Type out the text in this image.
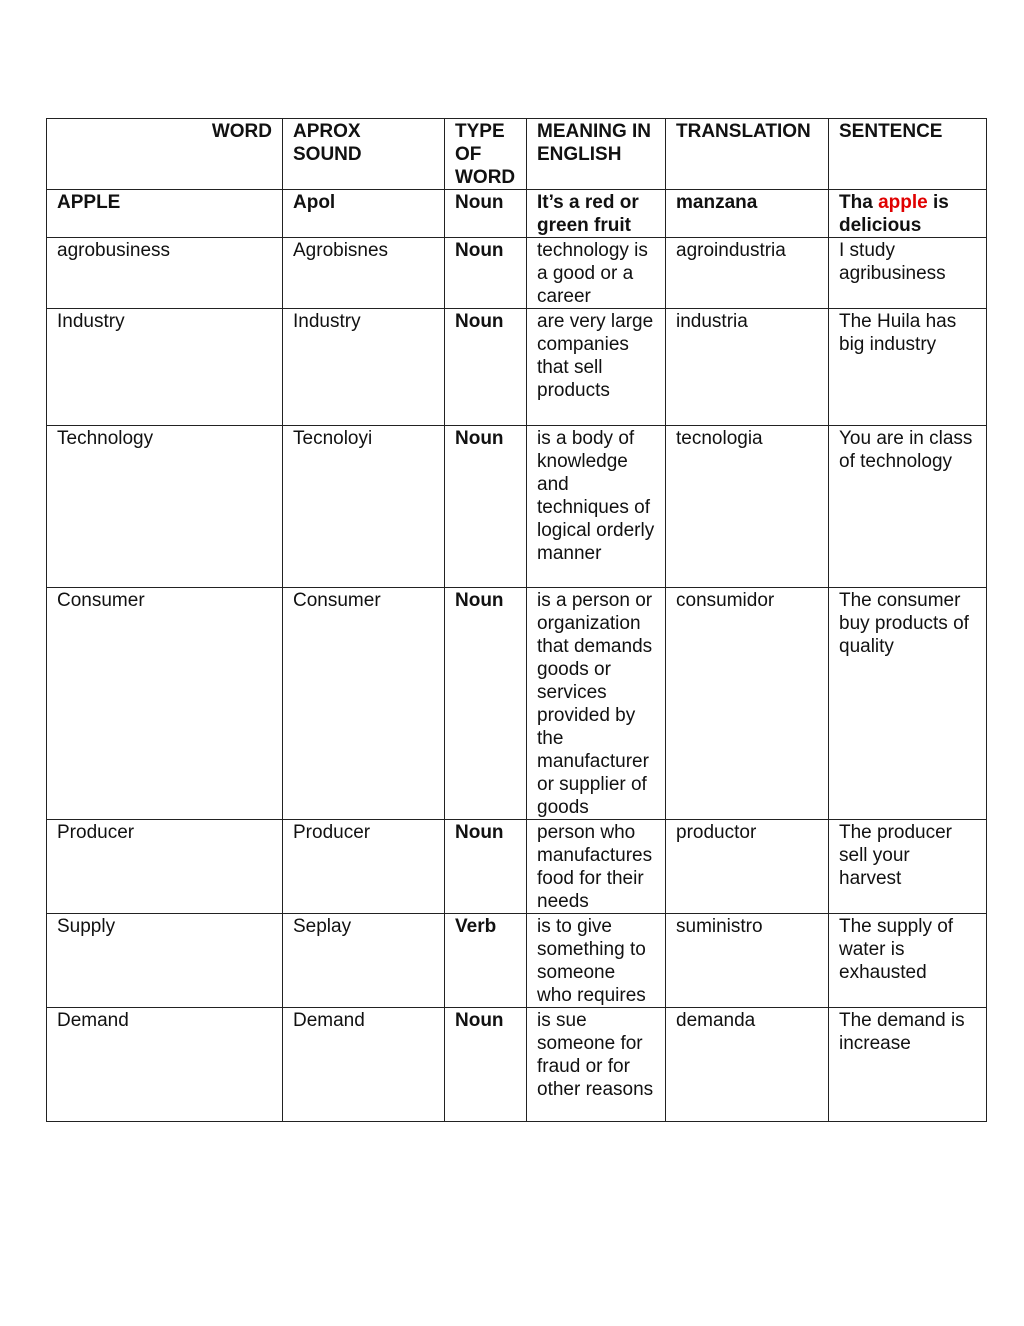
WORD	APROX SOUND	TYPE OF WORD	MEANING IN ENGLISH	TRANSLATION	SENTENCE
APPLE	Apol	Noun	It’s a red or green fruit	manzana	Tha apple is delicious
agrobusiness	Agrobisnes	Noun	technology is a good or a career	agroindustria	I study agribusiness
Industry	Industry	Noun	are very large companies that sell products	industria	The Huila has big industry
Technology	Tecnoloyi	Noun	is a body of knowledge and techniques of logical orderly manner	tecnologia	You are in class of technology
Consumer	Consumer	Noun	is a person or organization that demands goods or services provided by the manufacturer or supplier of goods	consumidor	The consumer buy products of quality
Producer	Producer	Noun	person who manufactures food for their needs	productor	The producer sell your harvest
Supply	Seplay	Verb	is to give something to someone who requires	suministro	The supply of water is exhausted
Demand	Demand	Noun	is sue someone for fraud or for other reasons	demanda	The demand is increase
